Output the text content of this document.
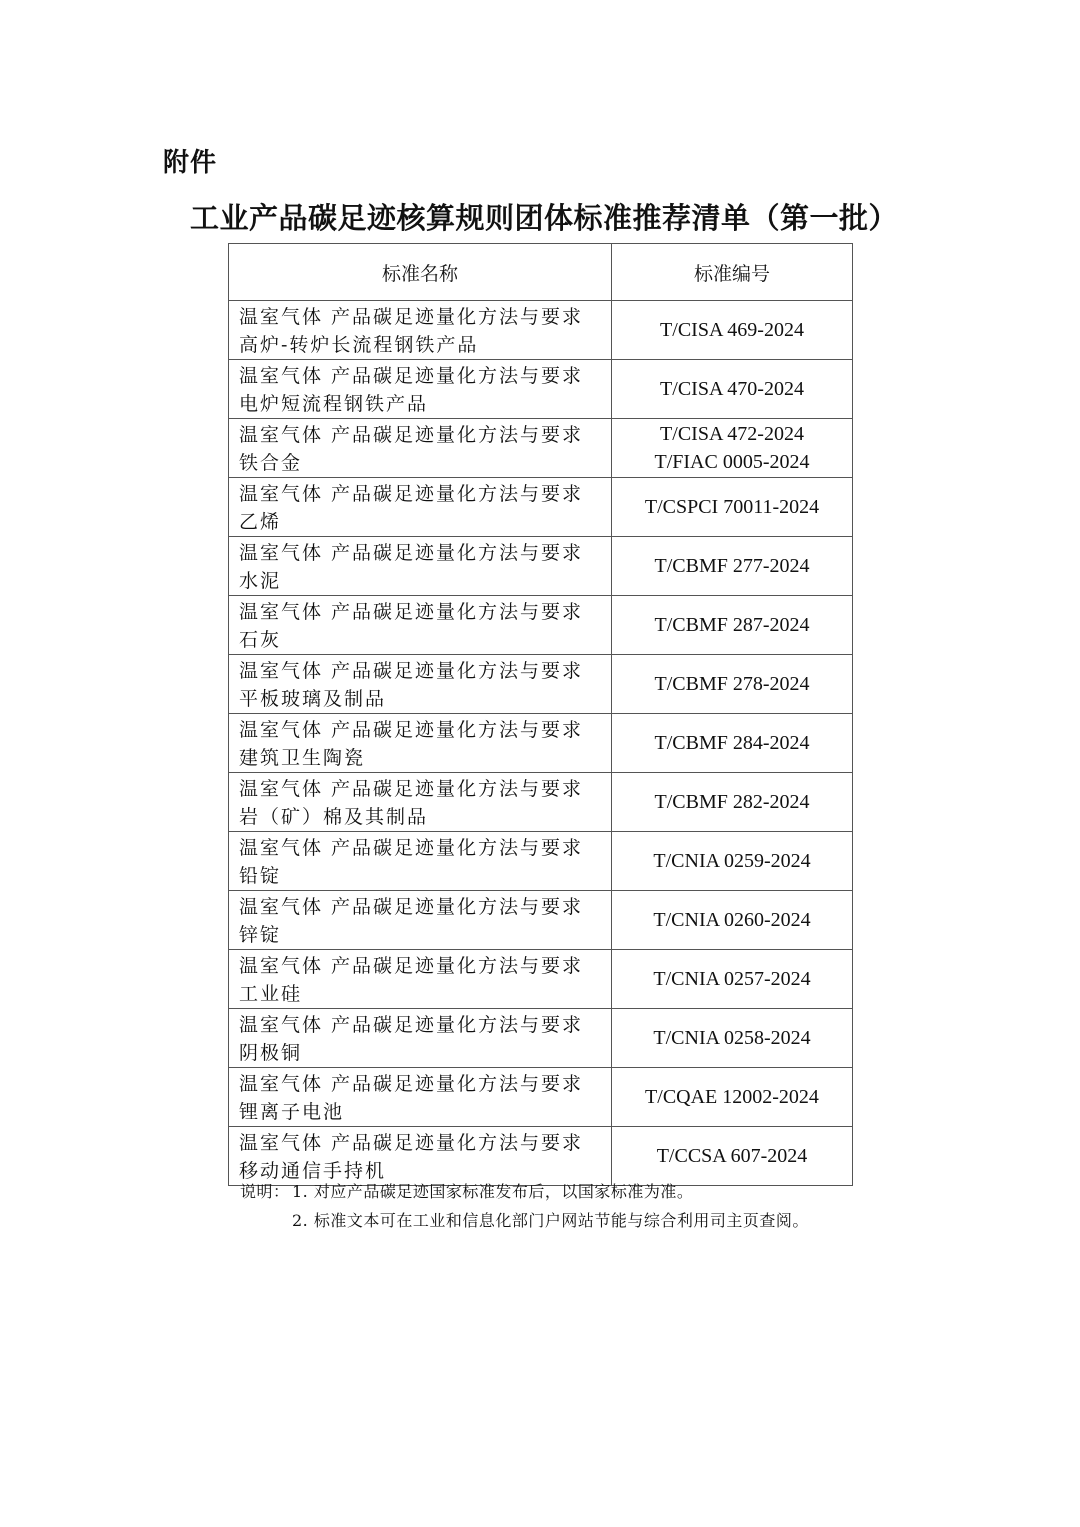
附件
工业产品碳足迹核算规则团体标准推荐清单（第一批）
标准名称	标准编号

温室气体 产品碳足迹量化方法与要求
高炉-转炉长流程钢铁产品	T/CISA 469-2024

温室气体 产品碳足迹量化方法与要求
电炉短流程钢铁产品	T/CISA 470-2024

温室气体 产品碳足迹量化方法与要求
铁合金	T/CISA 472-2024
T/FIAC 0005-2024

温室气体 产品碳足迹量化方法与要求
乙烯	T/CSPCI 70011-2024

温室气体 产品碳足迹量化方法与要求
水泥	T/CBMF 277-2024

温室气体 产品碳足迹量化方法与要求
石灰	T/CBMF 287-2024

温室气体 产品碳足迹量化方法与要求
平板玻璃及制品	T/CBMF 278-2024

温室气体 产品碳足迹量化方法与要求
建筑卫生陶瓷	T/CBMF 284-2024

温室气体 产品碳足迹量化方法与要求
岩（矿）棉及其制品	T/CBMF 282-2024

温室气体 产品碳足迹量化方法与要求
铅锭	T/CNIA 0259-2024

温室气体 产品碳足迹量化方法与要求
锌锭	T/CNIA 0260-2024

温室气体 产品碳足迹量化方法与要求
工业硅	T/CNIA 0257-2024

温室气体 产品碳足迹量化方法与要求
阴极铜	T/CNIA 0258-2024

温室气体 产品碳足迹量化方法与要求
锂离子电池	T/CQAE 12002-2024

温室气体 产品碳足迹量化方法与要求
移动通信手持机	T/CCSA 607-2024
说明： 1. 对应产品碳足迹国家标准发布后，以国家标准为准。
2. 标准文本可在工业和信息化部门户网站节能与综合利用司主页查阅。
